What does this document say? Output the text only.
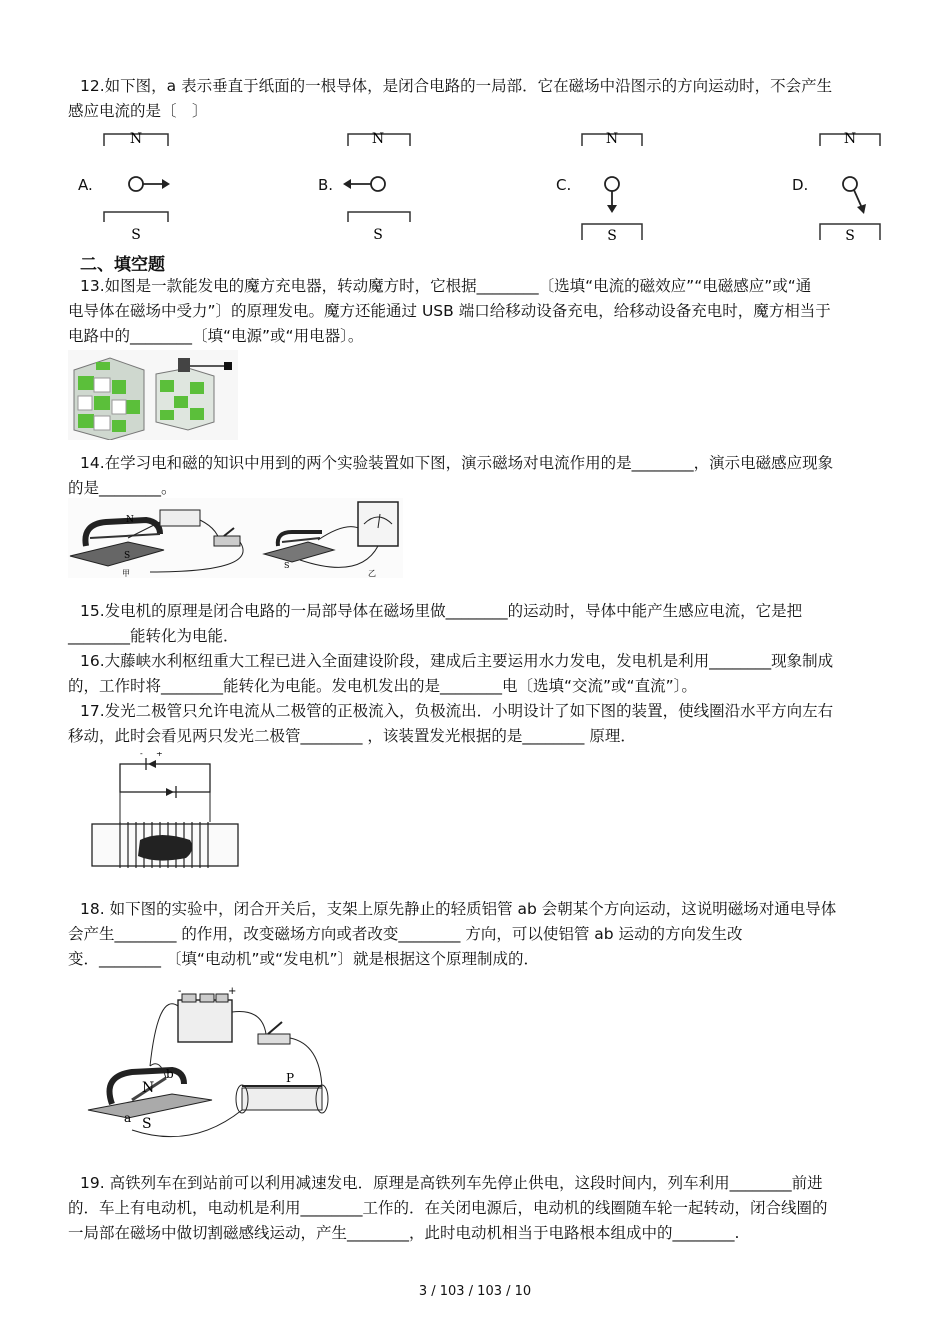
12.如下图，a 表示垂直于纸面的一根导体，是闭合电路的一局部．它在磁场中沿图示的方向运动时，不会产生
感应电流的是〔　〕
N
S
A.
N
S
B.
N
S
C.
N
S
D.
二、填空题
13.如图是一款能发电的魔方充电器，转动魔方时，它根据________〔选填“电流的磁效应”“电磁感应”或“通
电导体在磁场中受力”〕的原理发电。魔方还能通过 USB 端口给移动设备充电，给移动设备充电时，魔方相当于
电路中的________〔填“电源”或“用电器〕。
14.在学习电和磁的知识中用到的两个实验装置如下图，演示磁场对电流作用的是________，演示电磁感应现象
的是________。
N
S
甲
S
乙
15.发电机的原理是闭合电路的一局部导体在磁场里做________的运动时，导体中能产生感应电流，它是把
________能转化为电能．
16.大藤峡水利枢纽重大工程已进入全面建设阶段，建成后主要运用水力发电，发电机是利用________现象制成
的，工作时将________能转化为电能。发电机发出的是________电〔选填“交流”或“直流”〕。
17.发光二极管只允许电流从二极管的正极流入，负极流出．小明设计了如下图的装置，使线圈沿水平方向左右
移动，此时会看见两只发光二极管________ ，该装置发光根据的是________ 原理．
- +
18. 如下图的实验中，闭合开关后，支架上原先静止的轻质铝管 ab 会朝某个方向运动，这说明磁场对通电导体
会产生________ 的作用，改变磁场方向或者改变________ 方向，可以使铝管 ab 运动的方向发生改
变．________ 〔填“电动机”或“发电机”〕就是根据这个原理制成的．
-	+
P
N
S
a
b
19. 高铁列车在到站前可以利用减速发电．原理是高铁列车先停止供电，这段时间内，列车利用________前进
的．车上有电动机，电动机是利用________工作的．在关闭电源后，电动机的线圈随车轮一起转动，闭合线圈的
一局部在磁场中做切割磁感线运动，产生________，此时电动机相当于电路根本组成中的________.
3 / 103 / 103 / 10
